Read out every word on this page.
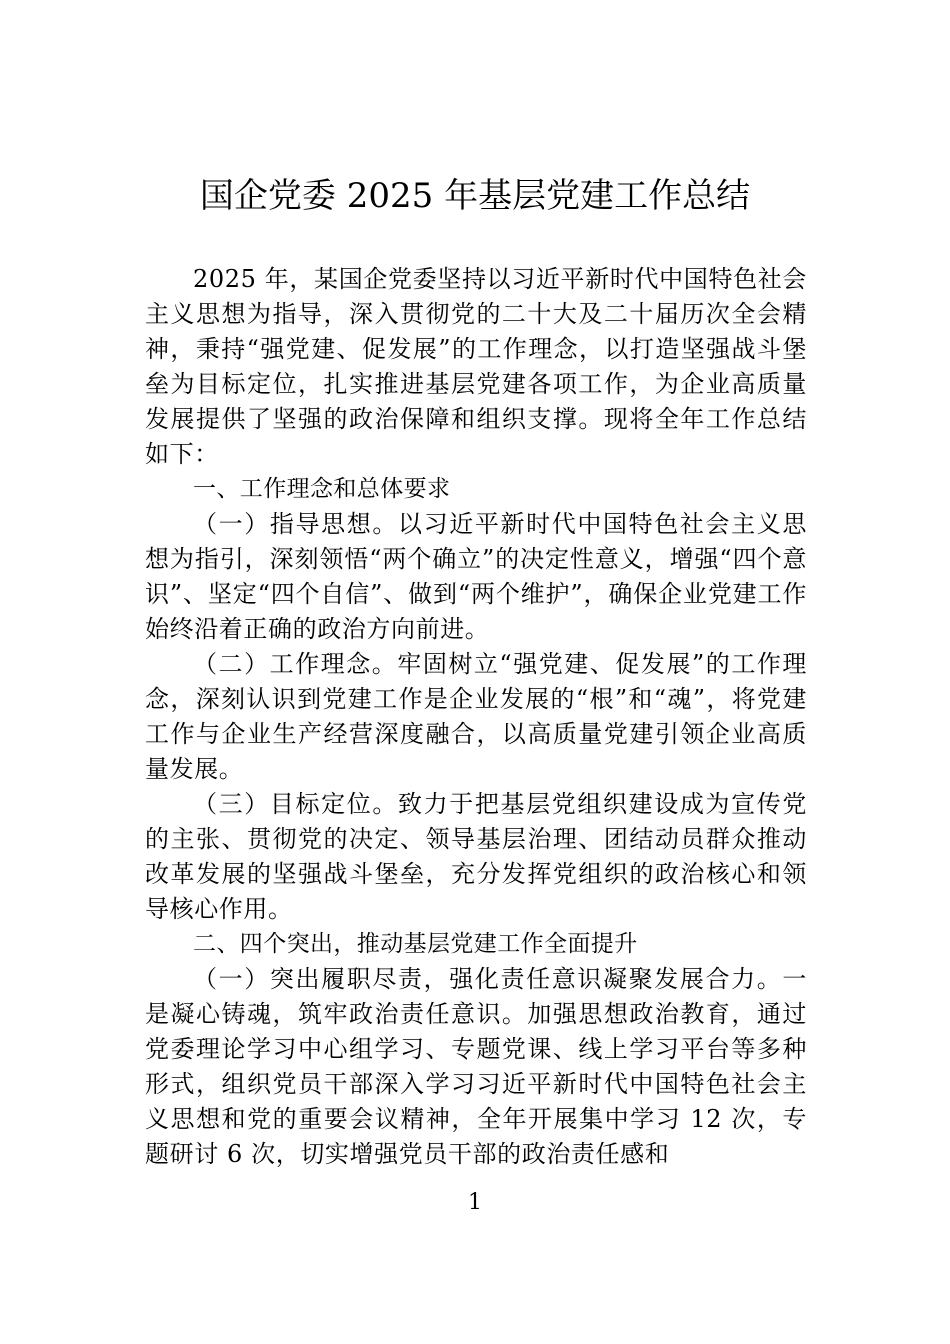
国企党委 2025 年基层党建工作总结

2025 年，某国企党委坚持以习近平新时代中国特色社会主义思想为指导，深入贯彻党的二十大及二十届历次全会精神，秉持“强党建、促发展”的工作理念，以打造坚强战斗堡垒为目标定位，扎实推进基层党建各项工作，为企业高质量发展提供了坚强的政治保障和组织支撑。现将全年工作总结如下：

一、工作理念和总体要求

（一）指导思想。以习近平新时代中国特色社会主义思想为指引，深刻领悟“两个确立”的决定性意义，增强“四个意识”、坚定“四个自信”、做到“两个维护”，确保企业党建工作始终沿着正确的政治方向前进。

（二）工作理念。牢固树立“强党建、促发展”的工作理念，深刻认识到党建工作是企业发展的“根”和“魂”，将党建工作与企业生产经营深度融合，以高质量党建引领企业高质量发展。

（三）目标定位。致力于把基层党组织建设成为宣传党的主张、贯彻党的决定、领导基层治理、团结动员群众推动改革发展的坚强战斗堡垒，充分发挥党组织的政治核心和领导核心作用。

二、四个突出，推动基层党建工作全面提升

（一）突出履职尽责，强化责任意识凝聚发展合力。一是凝心铸魂，筑牢政治责任意识。加强思想政治教育，通过党委理论学习中心组学习、专题党课、线上学习平台等多种形式，组织党员干部深入学习习近平新时代中国特色社会主义思想和党的重要会议精神，全年开展集中学习 12 次，专题研讨 6 次，切实增强党员干部的政治责任感和

1
